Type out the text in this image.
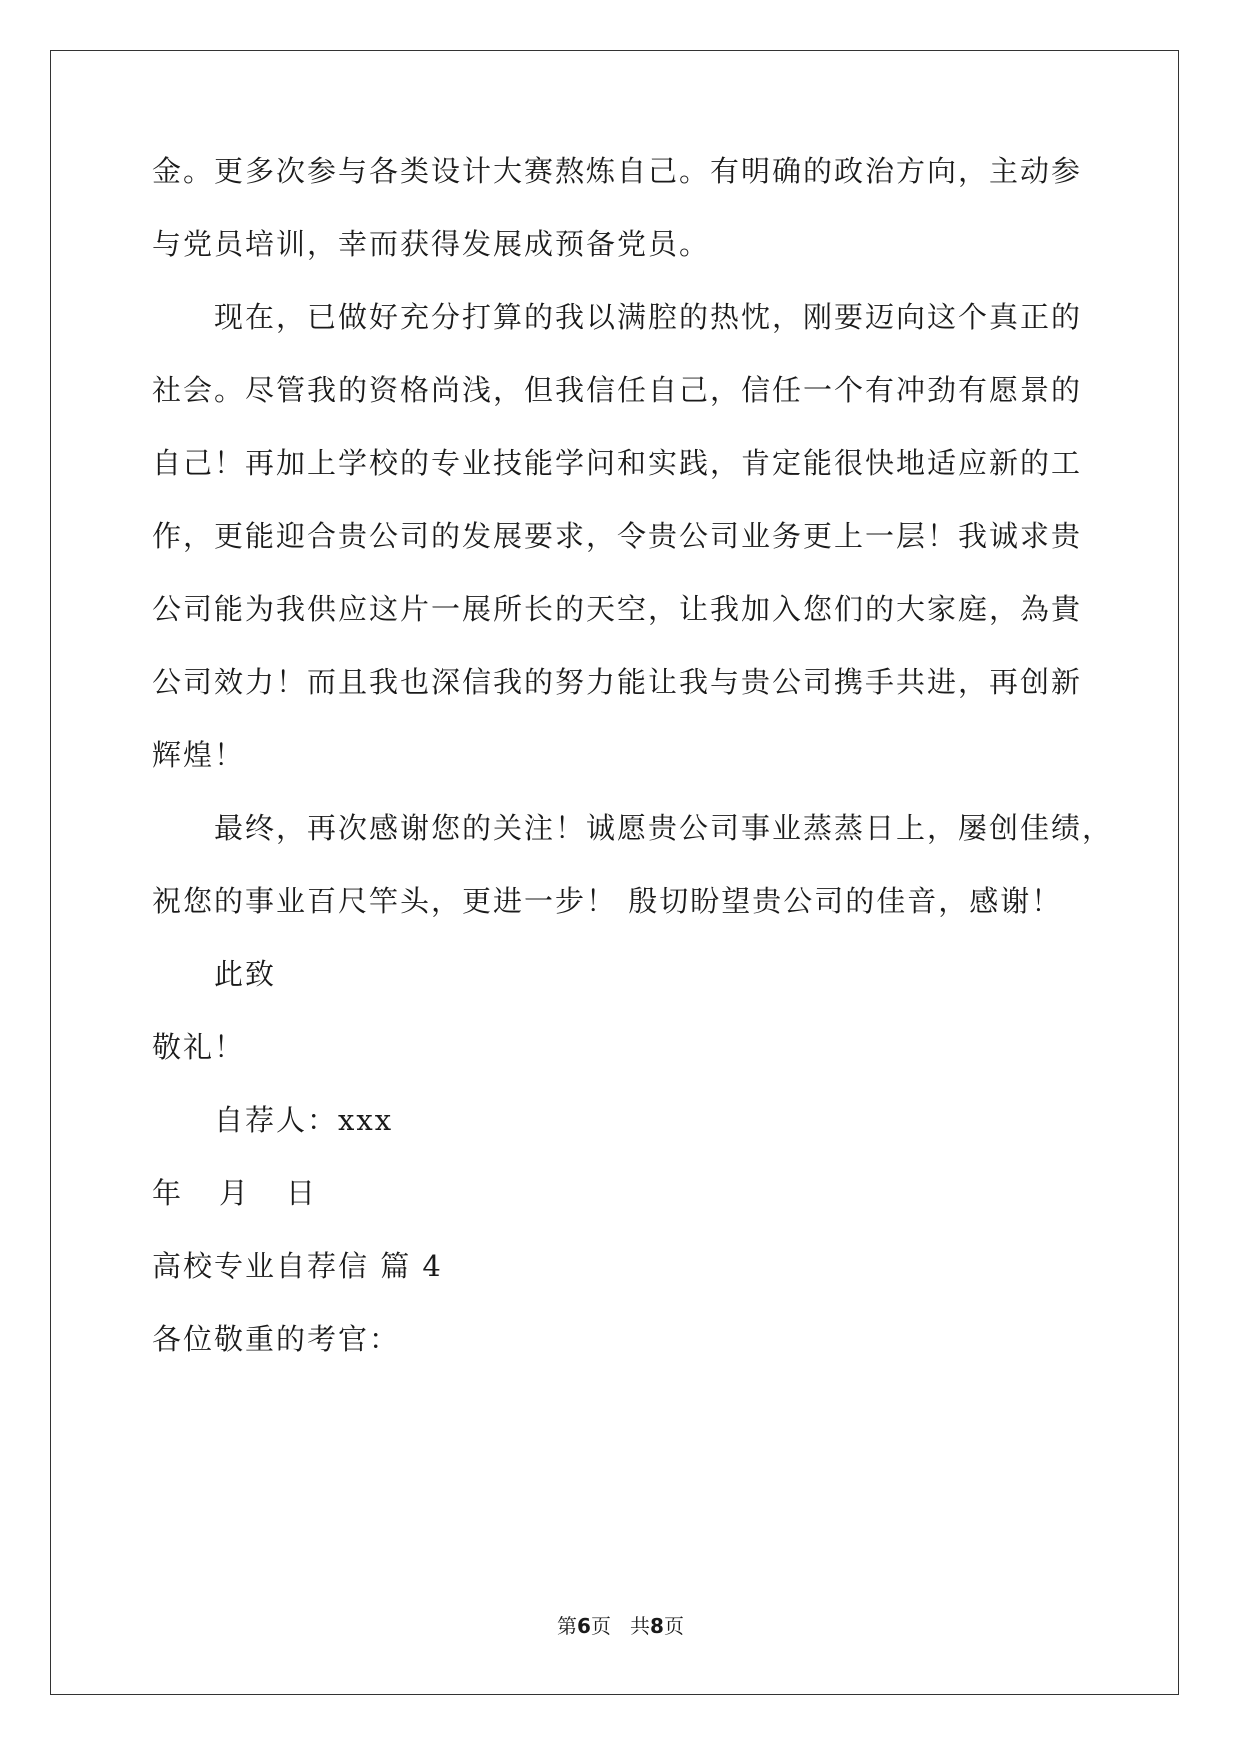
金。更多次参与各类设计大赛熬炼自己。有明确的政治方向，主动参
与党员培训，幸而获得发展成预备党员。
现在，已做好充分打算的我以满腔的热忱，刚要迈向这个真正的
社会。尽管我的资格尚浅，但我信任自己，信任一个有冲劲有愿景的
自己！再加上学校的专业技能学问和实践，肯定能很快地适应新的工
作，更能迎合贵公司的发展要求，令贵公司业务更上一层！我诚求贵
公司能为我供应这片一展所长的天空，让我加入您们的大家庭，為貴
公司效力！而且我也深信我的努力能让我与贵公司携手共进，再创新
辉煌！
最终，再次感谢您的关注！诚愿贵公司事业蒸蒸日上，屡创佳绩，
祝您的事业百尺竿头，更进一步！ 殷切盼望贵公司的佳音，感谢！
此致
敬礼！
自荐人：xxx
年 月 日
高校专业自荐信 篇 4
各位敬重的考官：
第6页 共8页
